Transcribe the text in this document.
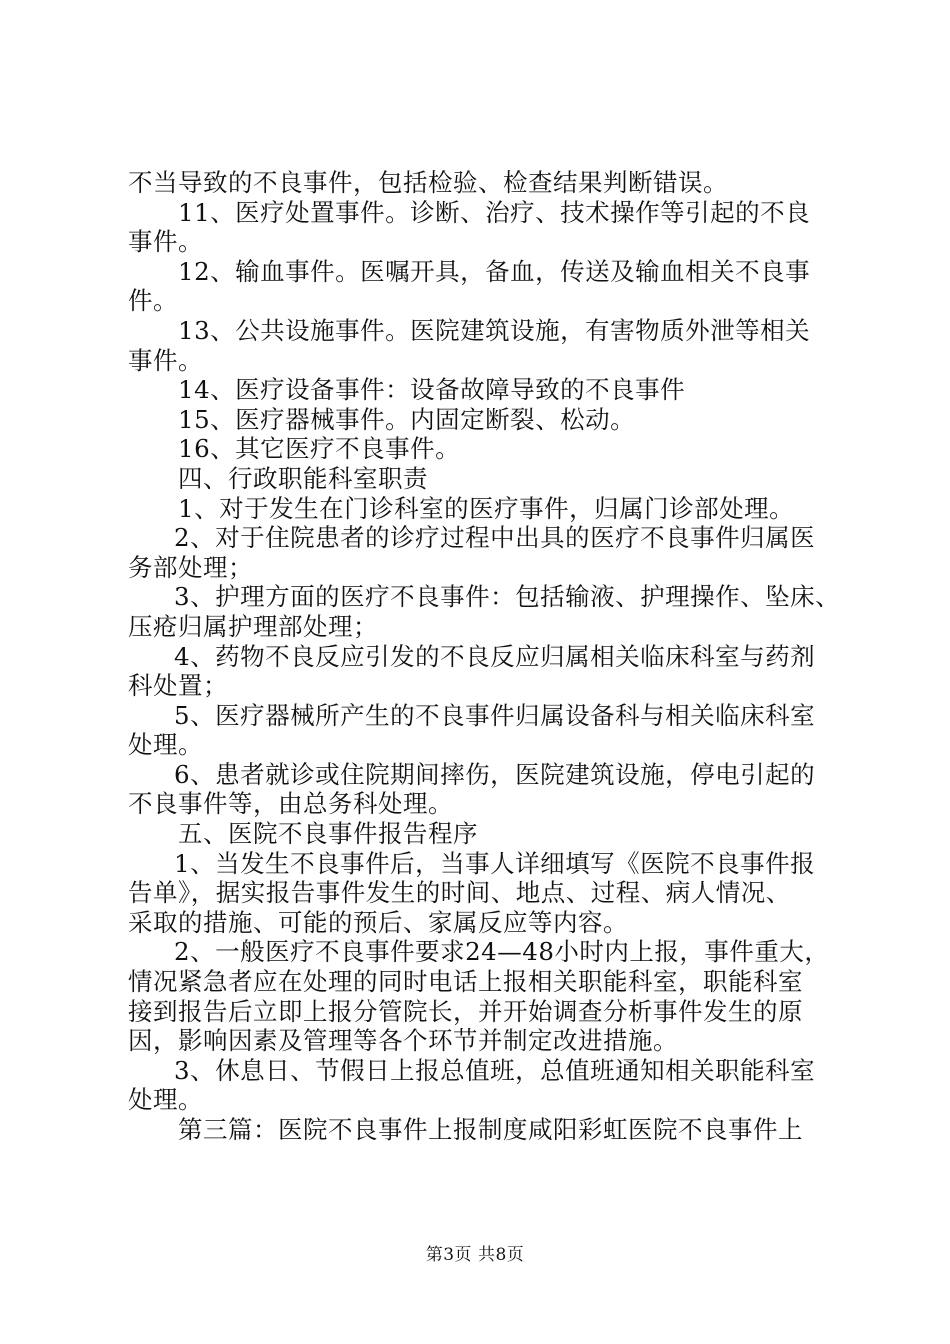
不当导致的不良事件，包括检验、检查结果判断错误。
11、医疗处置事件。诊断、治疗、技术操作等引起的不良
事件。
12、输血事件。医嘱开具，备血，传送及输血相关不良事
件。
13、公共设施事件。医院建筑设施，有害物质外泄等相关
事件。
14、医疗设备事件：设备故障导致的不良事件
15、医疗器械事件。内固定断裂、松动。
16、其它医疗不良事件。
四、行政职能科室职责
1、对于发生在门诊科室的医疗事件，归属门诊部处理。
2、对于住院患者的诊疗过程中出具的医疗不良事件归属医
务部处理；
3、护理方面的医疗不良事件：包括输液、护理操作、坠床、
压疮归属护理部处理；
4、药物不良反应引发的不良反应归属相关临床科室与药剂
科处置；
5、医疗器械所产生的不良事件归属设备科与相关临床科室
处理。
6、患者就诊或住院期间摔伤，医院建筑设施，停电引起的
不良事件等，由总务科处理。
五、医院不良事件报告程序
1、当发生不良事件后，当事人详细填写《医院不良事件报
告单》，据实报告事件发生的时间、地点、过程、病人情况、
采取的措施、可能的预后、家属反应等内容。
2、一般医疗不良事件要求24—48小时内上报，事件重大，
情况紧急者应在处理的同时电话上报相关职能科室，职能科室
接到报告后立即上报分管院长，并开始调查分析事件发生的原
因，影响因素及管理等各个环节并制定改进措施。
3、休息日、节假日上报总值班，总值班通知相关职能科室
处理。
第三篇：医院不良事件上报制度咸阳彩虹医院不良事件上
第3页 共8页
